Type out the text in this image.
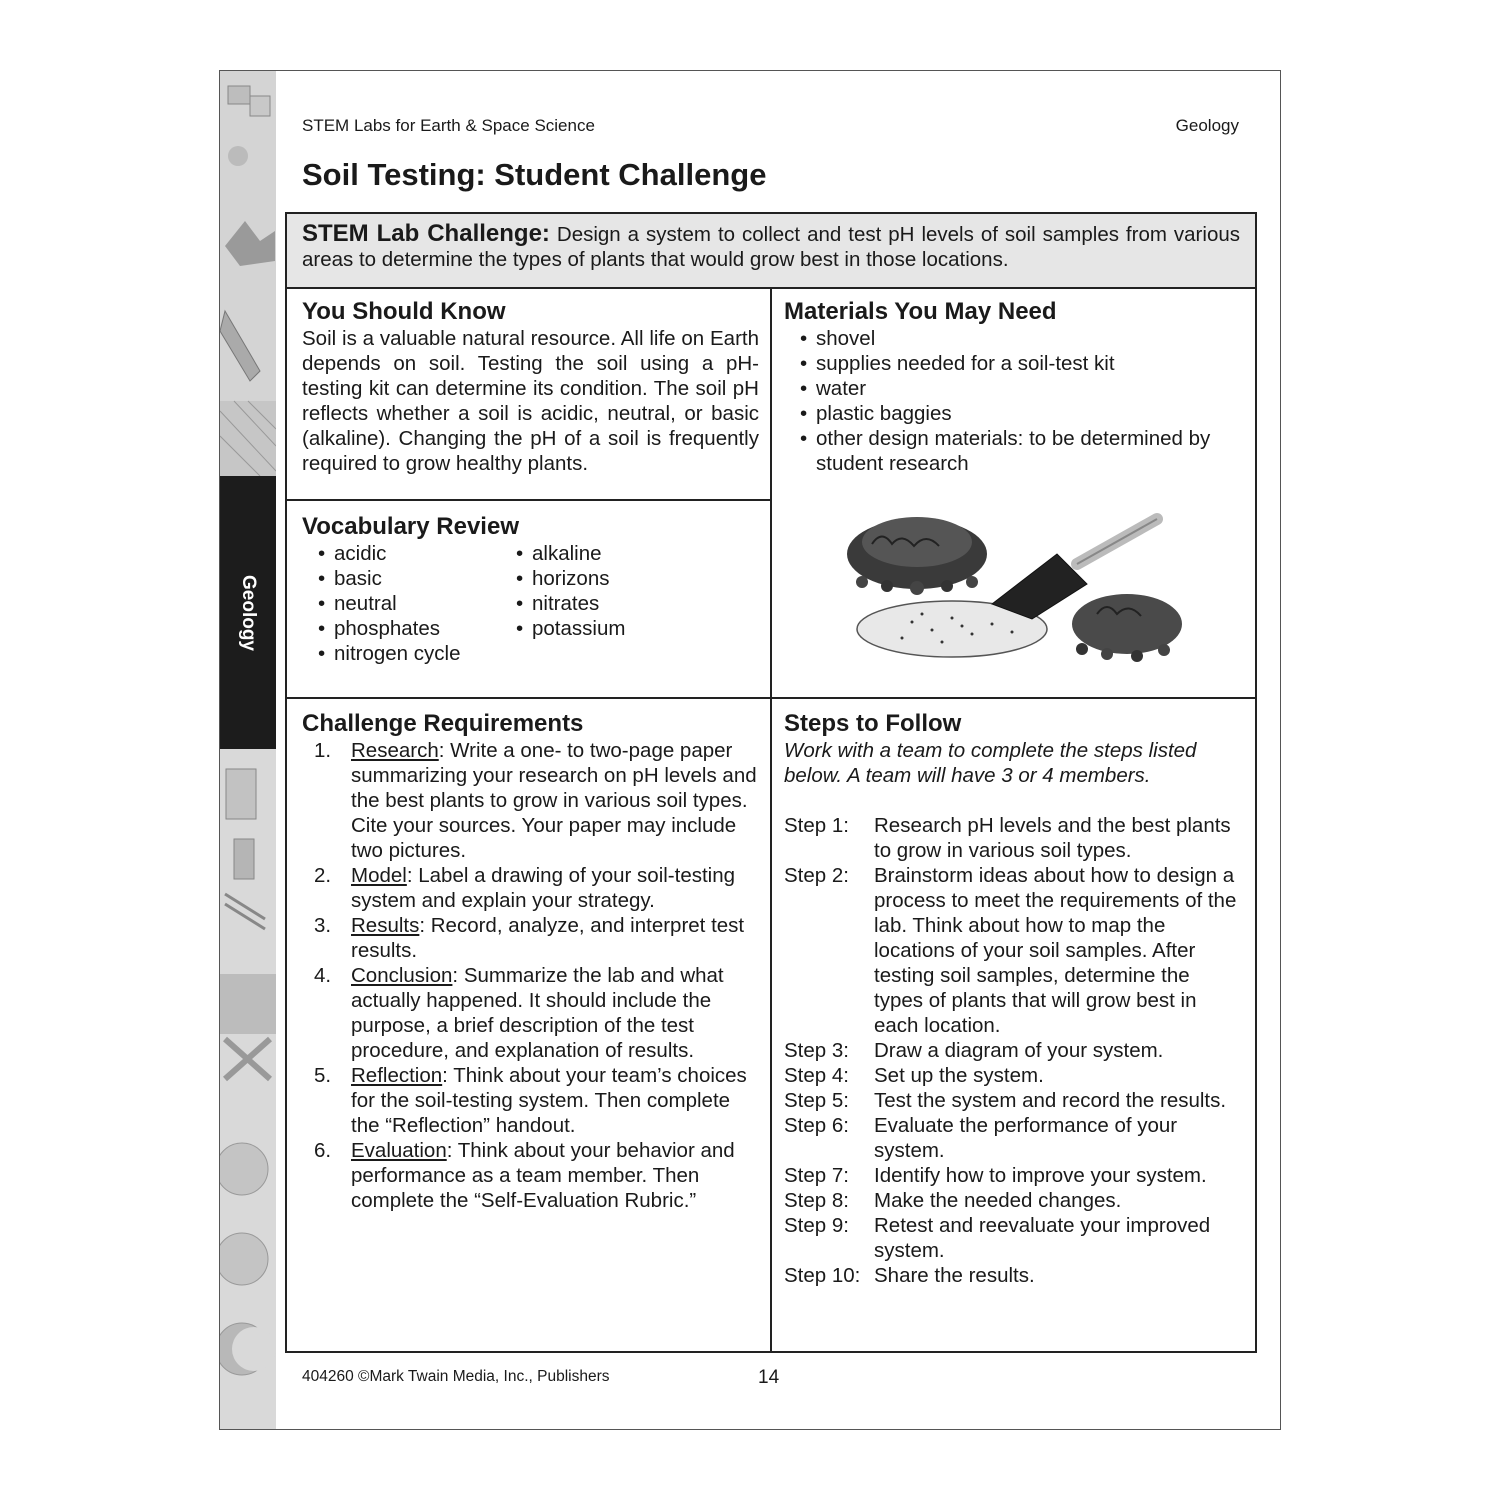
Geology
STEM Labs for Earth & Space Science	Geology
Soil Testing: Student Challenge
STEM Lab Challenge: Design a system to collect and test pH levels of soil samples from various areas to determine the types of plants that would grow best in those locations.
You Should Know
Soil is a valuable natural resource. All life on Earth depends on soil. Testing the soil using a pH-testing kit can determine its condition. The soil pH reflects whether a soil is acidic, neutral, or basic (alkaline). Changing the pH of a soil is frequently required to grow healthy plants.
Materials You May Need
• shovel
• supplies needed for a soil-test kit
• water
• plastic baggies
• other design materials: to be determined by student research
Vocabulary Review
• acidic
• basic
• neutral
• phosphates
• nitrogen cycle
• alkaline
• horizons
• nitrates
• potassium
Challenge Requirements
1. Research: Write a one- to two-page paper summarizing your research on pH levels and the best plants to grow in various soil types. Cite your sources. Your paper may include two pictures.
2. Model: Label a drawing of your soil-testing system and explain your strategy.
3. Results: Record, analyze, and interpret test results.
4. Conclusion: Summarize the lab and what actually happened. It should include the purpose, a brief description of the test procedure, and explanation of results.
5. Reflection: Think about your team’s choices for the soil-testing system. Then complete the “Reflection” handout.
6. Evaluation: Think about your behavior and performance as a team member. Then complete the “Self-Evaluation Rubric.”
Steps to Follow
Work with a team to complete the steps listed below. A team will have 3 or 4 members.
Step 1:	Research pH levels and the best plants to grow in various soil types.
Step 2:	Brainstorm ideas about how to design a process to meet the requirements of the lab. Think about how to map the locations of your soil samples. After testing soil samples, determine the types of plants that will grow best in each location.
Step 3:	Draw a diagram of your system.
Step 4:	Set up the system.
Step 5:	Test the system and record the results.
Step 6:	Evaluate the performance of your system.
Step 7:	Identify how to improve your system.
Step 8:	Make the needed changes.
Step 9:	Retest and reevaluate your improved system.
Step 10: Share the results.
404260 ©Mark Twain Media, Inc., Publishers	14
